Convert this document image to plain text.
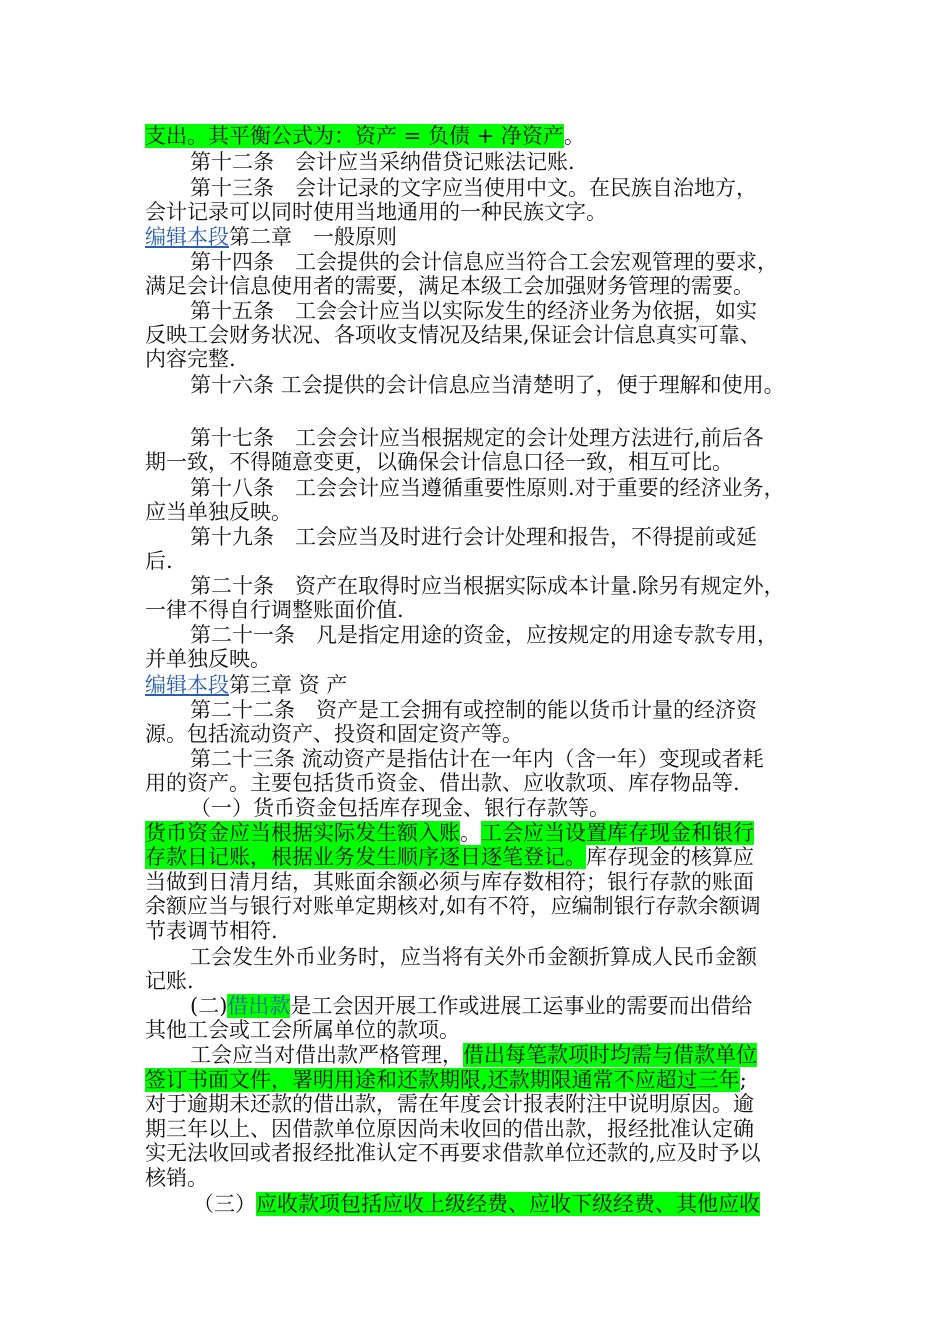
支出。其平衡公式为：资产 = 负债 + 净资产。
第十二条　会计应当采纳借贷记账法记账.
第十三条　会计记录的文字应当使用中文。在民族自治地方，
会计记录可以同时使用当地通用的一种民族文字。
编辑本段第二章　一般原则
第十四条　工会提供的会计信息应当符合工会宏观管理的要求，
满足会计信息使用者的需要，满足本级工会加强财务管理的需要。
第十五条　工会会计应当以实际发生的经济业务为依据，如实
反映工会财务状况、各项收支情况及结果,保证会计信息真实可靠、
内容完整.
第十六条 工会提供的会计信息应当清楚明了，便于理解和使用。
第十七条　工会会计应当根据规定的会计处理方法进行,前后各
期一致，不得随意变更，以确保会计信息口径一致，相互可比。
第十八条　工会会计应当遵循重要性原则.对于重要的经济业务，
应当单独反映。
第十九条　工会应当及时进行会计处理和报告，不得提前或延
后.
第二十条　资产在取得时应当根据实际成本计量.除另有规定外，
一律不得自行调整账面价值.
第二十一条　凡是指定用途的资金，应按规定的用途专款专用，
并单独反映。
编辑本段第三章 资 产
第二十二条　资产是工会拥有或控制的能以货币计量的经济资
源。包括流动资产、投资和固定资产等。
第二十三条 流动资产是指估计在一年内（含一年）变现或者耗
用的资产。主要包括货币资金、借出款、应收款项、库存物品等.
（一）货币资金包括库存现金、银行存款等。
货币资金应当根据实际发生额入账。工会应当设置库存现金和银行
存款日记账，根据业务发生顺序逐日逐笔登记。库存现金的核算应
当做到日清月结，其账面余额必须与库存数相符；银行存款的账面
余额应当与银行对账单定期核对,如有不符，应编制银行存款余额调
节表调节相符.
工会发生外币业务时，应当将有关外币金额折算成人民币金额
记账.
(二)借出款是工会因开展工作或进展工运事业的需要而出借给
其他工会或工会所属单位的款项。
工会应当对借出款严格管理，借出每笔款项时均需与借款单位
签订书面文件，署明用途和还款期限,还款期限通常不应超过三年;
对于逾期未还款的借出款，需在年度会计报表附注中说明原因。逾
期三年以上、因借款单位原因尚未收回的借出款，报经批准认定确
实无法收回或者报经批准认定不再要求借款单位还款的,应及时予以
核销。
（三）应收款项包括应收上级经费、应收下级经费、其他应收
